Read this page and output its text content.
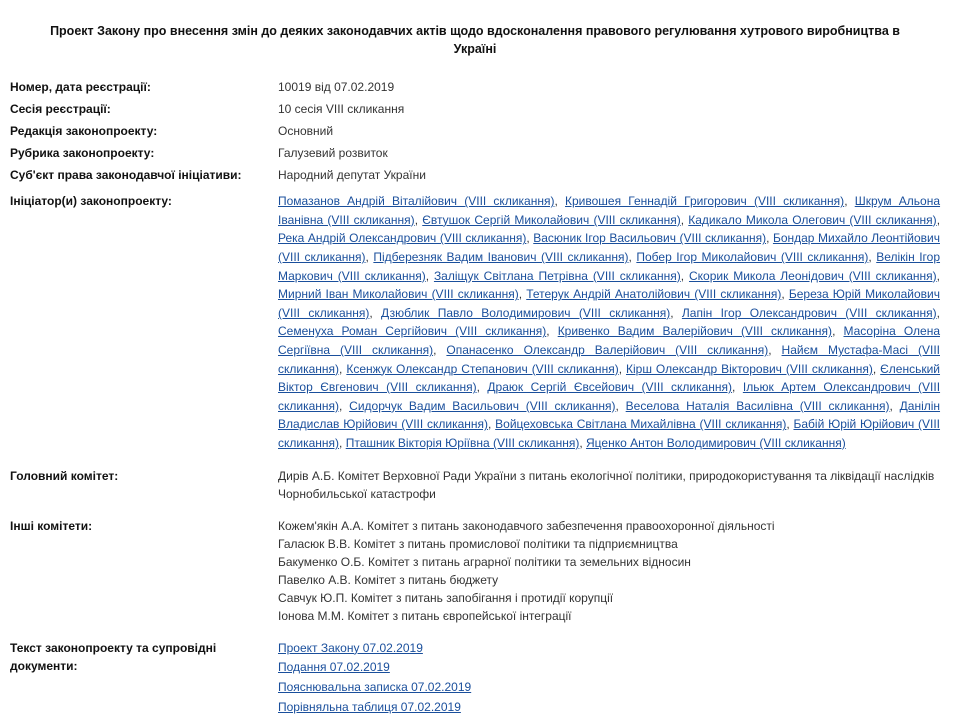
Проект Закону про внесення змін до деяких законодавчих актів щодо вдосконалення правового регулювання хутрового виробництва в Україні
Номер, дата реєстрації:	10019 від 07.02.2019
Сесія реєстрації:	10 сесія VIII скликання
Редакція законопроекту:	Основний
Рубрика законопроекту:	Галузевий розвиток
Суб'єкт права законодавчої ініціативи:	Народний депутат України
Ініціатор(и) законопроекту:	Помазанов Андрій Віталійович (VIII скликання), Кривошея Геннадій Григорович (VIII скликання), Шкрум Альона Іванівна (VIII скликання), Євтушок Сергій Миколайович (VIII скликання), Кадикало Микола Олегович (VIII скликання), Река Андрій Олександрович (VIII скликання), Васюник Ігор Васильович (VIII скликання), Бондар Михайло Леонтійович (VIII скликання), Підберезняк Вадим Іванович (VIII скликання), Побер Ігор Миколайович (VIII скликання), Велікін Ігор Маркович (VIII скликання), Заліщук Світлана Петрівна (VIII скликання), Скорик Микола Леонідович (VIII скликання), Мирний Іван Миколайович (VIII скликання), Тетерук Андрій Анатолійович (VIII скликання), Береза Юрій Миколайович (VIII скликання), Дзюблик Павло Володимирович (VIII скликання), Лапін Ігор Олександрович (VIII скликання), Семенуха Роман Сергійович (VIII скликання), Кривенко Вадим Валерійович (VIII скликання), Масоріна Олена Сергіївна (VIII скликання), Опанасенко Олександр Валерійович (VIII скликання), Найєм Мустафа-Масі (VIII скликання), Ксенжук Олександр Степанович (VIII скликання), Кірш Олександр Вікторович (VIII скликання), Єленський Віктор Євгенович (VIII скликання), Драюк Сергій Євсейович (VIII скликання), Ільюк Артем Олександрович (VIII скликання), Сидорчук Вадим Васильович (VIII скликання), Веселова Наталія Василівна (VIII скликання), Данілін Владислав Юрійович (VIII скликання), Войцеховська Світлана Михайлівна (VIII скликання), Бабій Юрій Юрійович (VIII скликання), Пташник Вікторія Юріївна (VIII скликання), Яценко Антон Володимирович (VIII скликання)

Головний комітет:	Дирів А.Б. Комітет Верховної Ради України з питань екологічної політики, природокористування та ліквідації наслідків
Чорнобильської катастрофи

Інші комітети:	Кожем'якін А.А. Комітет з питань законодавчого забезпечення правоохоронної діяльності
Галасюк В.В. Комітет з питань промислової політики та підприємництва
Бакуменко О.Б. Комітет з питань аграрної політики та земельних відносин
Павелко А.В. Комітет з питань бюджету
Савчук Ю.П. Комітет з питань запобігання і протидії корупції
Іонова М.М. Комітет з питань європейської інтеграції

Текст законопроекту та супровідні документи:	Проект Закону 07.02.2019
Подання 07.02.2019
Пояснювальна записка 07.02.2019
Порівняльна таблиця 07.02.2019
